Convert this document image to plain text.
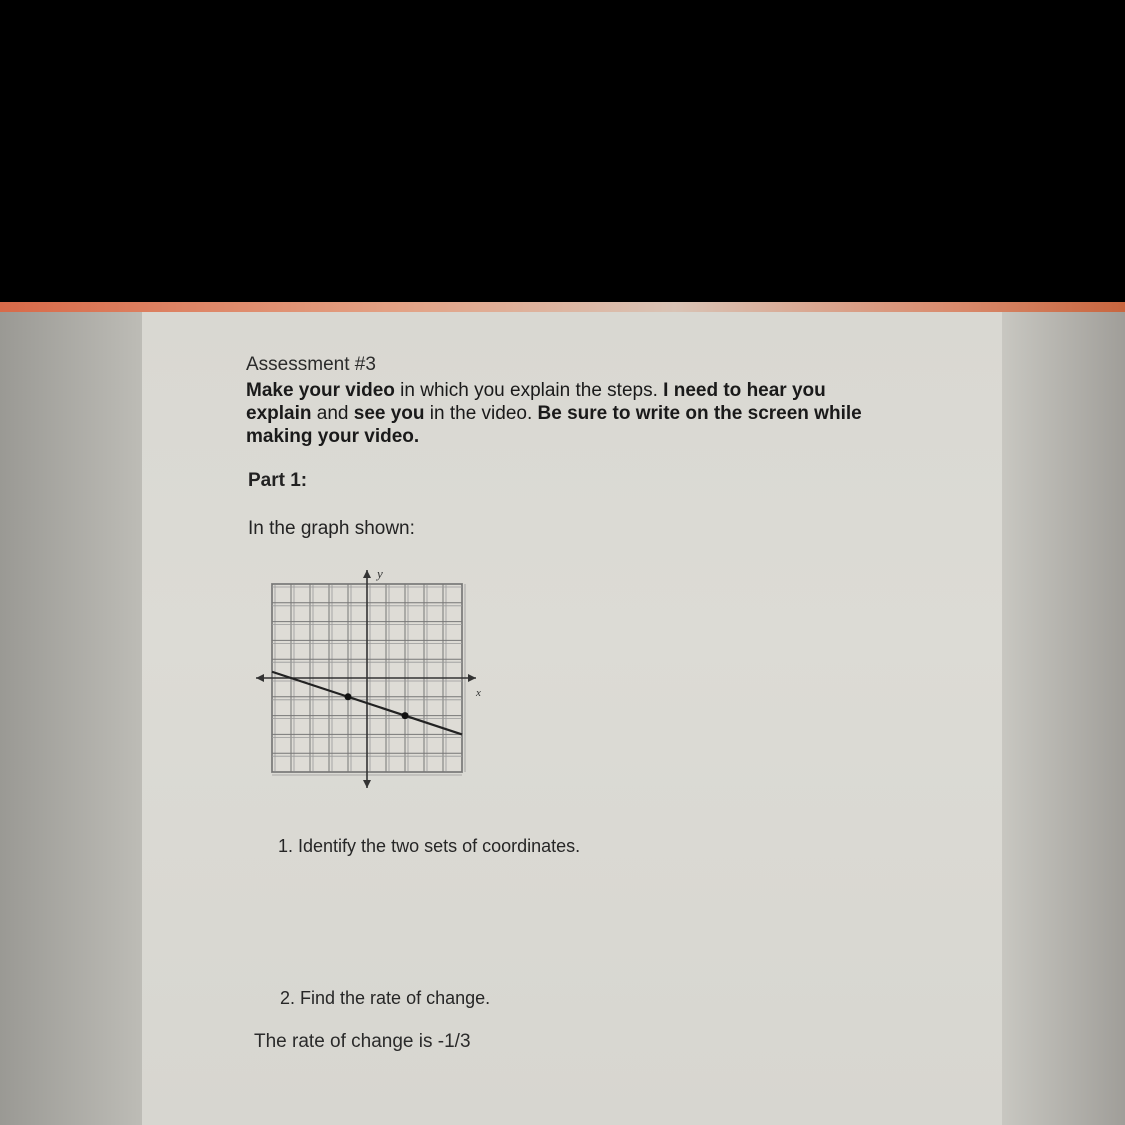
Assessment #3
Make your video in which you explain the steps. I need to hear you explain and see you in the video. Be sure to write on the screen while making your video.
Part 1:
In the graph shown:
y
x
1. Identify the two sets of coordinates.
2. Find the rate of change.
The rate of change is -1/3
